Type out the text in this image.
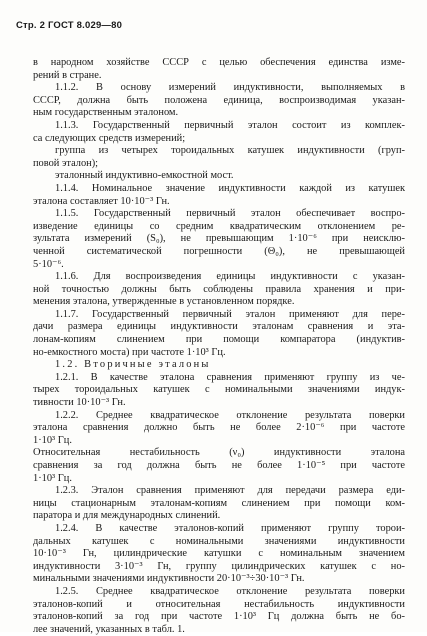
Стр. 2 ГОСТ 8.029—80
в народном хозяйстве СССР с целью обеспечения единства изме-
рений в стране.
1.1.2. В основу измерений индуктивности, выполняемых в
СССР, должна быть положена единица, воспроизводимая указан-
ным государственным эталоном.
1.1.3. Государственный первичный эталон состоит из комплек-
са следующих средств измерений;
группа из четырех тороидальных катушек индуктивности (груп-
повой эталон);
эталонный индуктивно-емкостной мост.
1.1.4. Номинальное значение индуктивности каждой из катушек
эталона составляет 10·10⁻³ Гн.
1.1.5. Государственный первичный эталон обеспечивает воспро-
изведение единицы со средним квадратическим отклонением ре-
зультата измерений (S₀), не превышающим 1·10⁻⁶ при неисклю-
ченной систематической погрешности (Θ₀), не превышающей
5·10⁻⁶.
1.1.6. Для воспроизведения единицы индуктивности с указан-
ной точностью должны быть соблюдены правила хранения и при-
менения эталона, утвержденные в установленном порядке.
1.1.7. Государственный первичный эталон применяют для пере-
дачи размера единицы индуктивности эталонам сравнения и эта-
лонам-копиям слинением при помощи компаратора (индуктив-
но-емкостного моста) при частоте 1·10³ Гц.
1.2. Вторичные эталоны
1.2.1. В качестве эталона сравнения применяют группу из че-
тырех тороидальных катушек с номинальными значениями индук-
тивности 10·10⁻³ Гн.
1.2.2. Среднее квадратическое отклонение результата поверки
эталона сравнения должно быть не более 2·10⁻⁶ при частоте
1·10³ Гц.
Относительная нестабильность (ν₀) индуктивности эталона
сравнения за год должна быть не более 1·10⁻⁵ при частоте
1·10³ Гц.
1.2.3. Эталон сравнения применяют для передачи размера еди-
ницы стационарным эталонам-копиям слинением при помощи ком-
паратора и для международных слинений.
1.2.4. В качестве эталонов-копий применяют группу торои-
дальных катушек с номинальными значениями индуктивности
10·10⁻³ Гн, цилиндрические катушки с номинальным значением
индуктивности 3·10⁻³ Гн, группу цилиндрических катушек с но-
минальными значениями индуктивности 20·10⁻³÷30·10⁻³ Гн.
1.2.5. Среднее квадратическое отклонение результата поверки
эталонов-копий и относительная нестабильность индуктивности
эталонов-копий за год при частоте 1·10³ Гц должна быть не бо-
лее значений, указанных в табл. 1.
